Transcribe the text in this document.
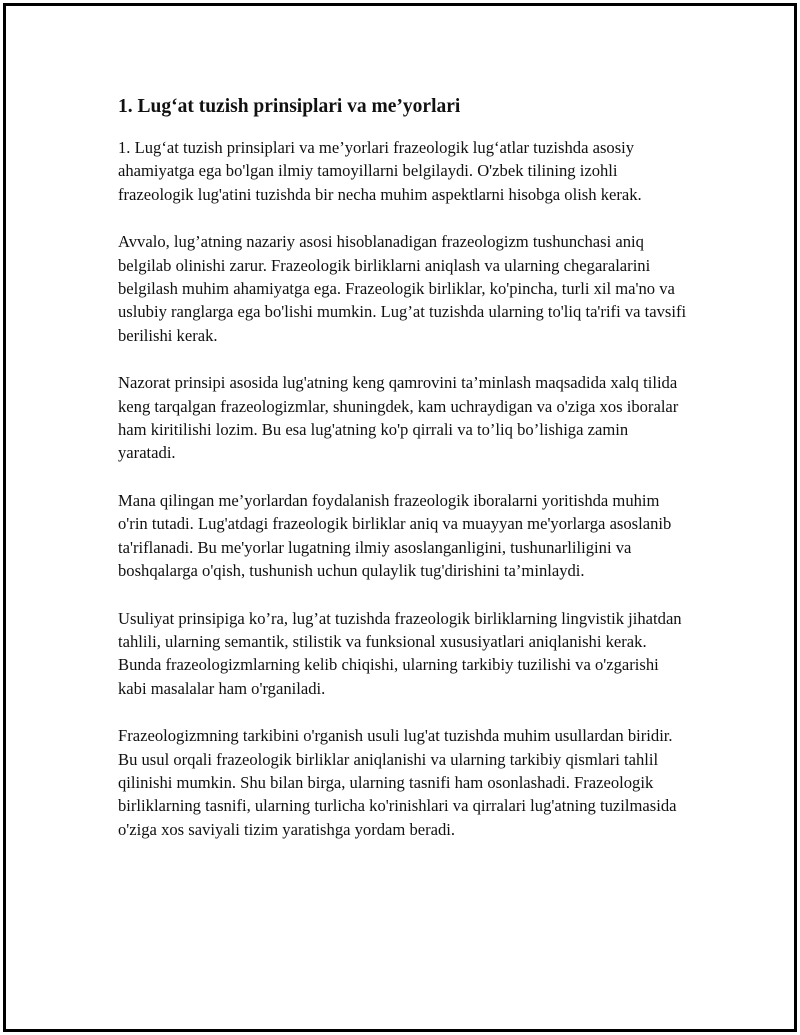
1. Lug‘at tuzish prinsiplari va me’yorlari

1. Lug‘at tuzish prinsiplari va me’yorlari frazeologik lug‘atlar tuzishda asosiy ahamiyatga ega bo'lgan ilmiy tamoyillarni belgilaydi. O'zbek tilining izohli frazeologik lug'atini tuzishda bir necha muhim aspektlarni hisobga olish kerak.

Avvalo, lug’atning nazariy asosi hisoblanadigan frazeologizm tushunchasi aniq belgilab olinishi zarur. Frazeologik birliklarni aniqlash va ularning chegaralarini belgilash muhim ahamiyatga ega. Frazeologik birliklar, ko'pincha, turli xil ma'no va uslubiy ranglarga ega bo'lishi mumkin. Lug’at tuzishda ularning to'liq ta'rifi va tavsifi berilishi kerak.

Nazorat prinsipi asosida lug'atning keng qamrovini ta’minlash maqsadida xalq tilida keng tarqalgan frazeologizmlar, shuningdek, kam uchraydigan va o'ziga xos iboralar ham kiritilishi lozim. Bu esa lug'atning ko'p qirrali va to’liq bo’lishiga zamin yaratadi.

Mana qilingan me’yorlardan foydalanish frazeologik iboralarni yoritishda muhim o'rin tutadi. Lug'atdagi frazeologik birliklar aniq va muayyan me'yorlarga asoslanib ta'riflanadi. Bu me'yorlar lugatning ilmiy asoslanganligini, tushunarliligini va boshqalarga o'qish, tushunish uchun qulaylik tug'dirishini ta’minlaydi.

Usuliyat prinsipiga ko’ra, lug’at tuzishda frazeologik birliklarning lingvistik jihatdan tahlili, ularning semantik, stilistik va funksional xususiyatlari aniqlanishi kerak. Bunda frazeologizmlarning kelib chiqishi, ularning tarkibiy tuzilishi va o'zgarishi kabi masalalar ham o'rganiladi.

Frazeologizmning tarkibini o'rganish usuli lug'at tuzishda muhim usullardan biridir. Bu usul orqali frazeologik birliklar aniqlanishi va ularning tarkibiy qismlari tahlil qilinishi mumkin. Shu bilan birga, ularning tasnifi ham osonlashadi. Frazeologik birliklarning tasnifi, ularning turlicha ko'rinishlari va qirralari lug'atning tuzilmasida o'ziga xos saviyali tizim yaratishga yordam beradi.
